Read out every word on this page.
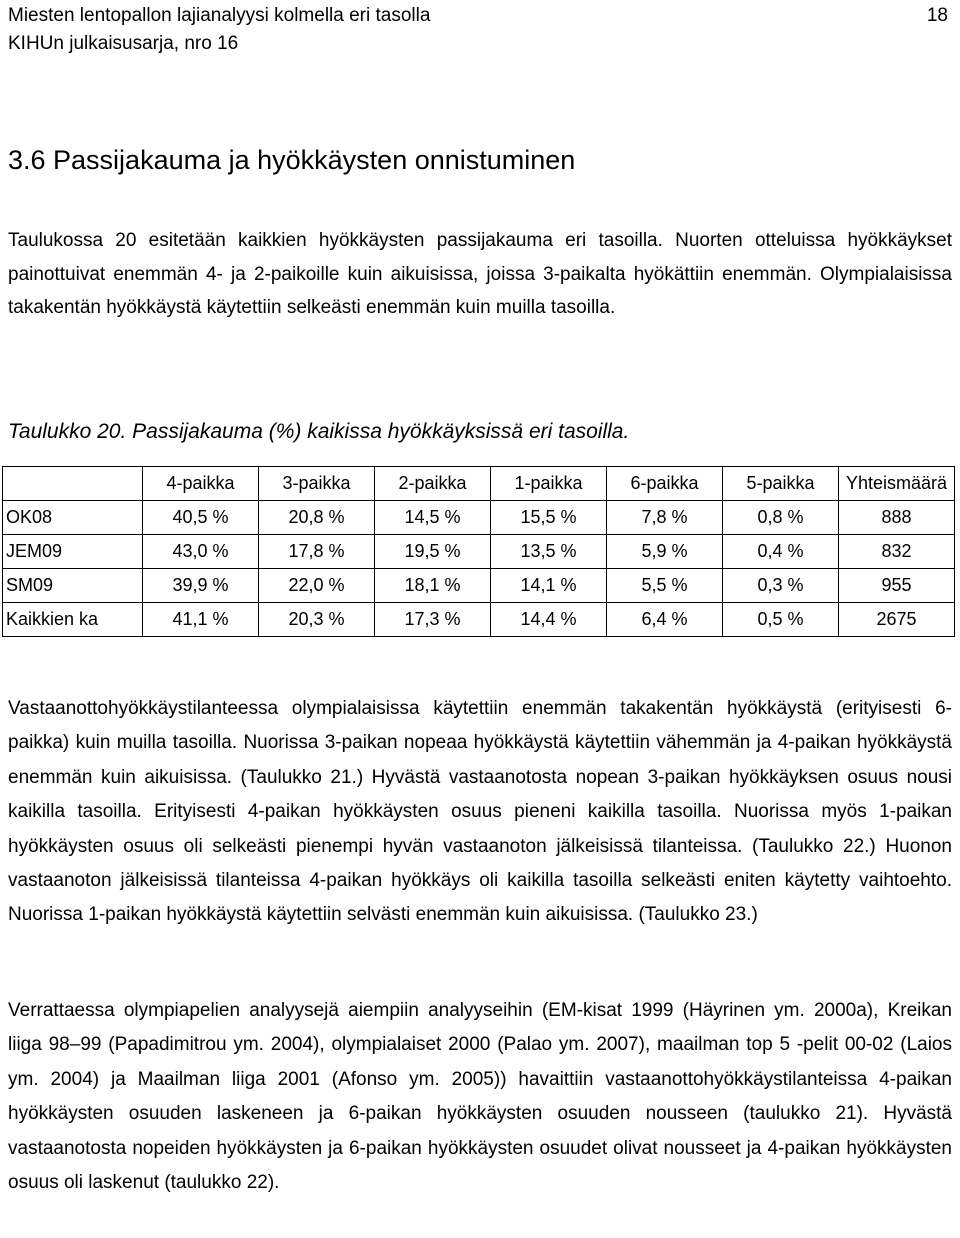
Miesten lentopallon lajianalyysi kolmella eri tasolla
KIHUn julkaisusarja, nro 16
18
3.6 Passijakauma ja hyökkäysten onnistuminen

Taulukossa 20 esitetään kaikkien hyökkäysten passijakauma eri tasoilla. Nuorten otteluissa hyökkäykset painottuivat enemmän 4- ja 2-paikoille kuin aikuisissa, joissa 3-paikalta hyökättiin enemmän. Olympialaisissa takakentän hyökkäystä käytettiin selkeästi enemmän kuin muilla tasoilla.

Taulukko 20. Passijakauma (%) kaikissa hyökkäyksissä eri tasoilla.

	4-paikka	3-paikka	2-paikka	1-paikka	6-paikka	5-paikka	Yhteismäärä
OK08	40,5 %	20,8 %	14,5 %	15,5 %	7,8 %	0,8 %	888
JEM09	43,0 %	17,8 %	19,5 %	13,5 %	5,9 %	0,4 %	832
SM09	39,9 %	22,0 %	18,1 %	14,1 %	5,5 %	0,3 %	955
Kaikkien ka	41,1 %	20,3 %	17,3 %	14,4 %	6,4 %	0,5 %	2675

Vastaanottohyökkäystilanteessa olympialaisissa käytettiin enemmän takakentän hyökkäystä (erityisesti 6-paikka) kuin muilla tasoilla. Nuorissa 3-paikan nopeaa hyökkäystä käytettiin vähemmän ja 4-paikan hyökkäystä enemmän kuin aikuisissa. (Taulukko 21.) Hyvästä vastaanotosta nopean 3-paikan hyökkäyksen osuus nousi kaikilla tasoilla. Erityisesti 4-paikan hyökkäysten osuus pieneni kaikilla tasoilla. Nuorissa myös 1-paikan hyökkäysten osuus oli selkeästi pienempi hyvän vastaanoton jälkeisissä tilanteissa. (Taulukko 22.) Huonon vastaanoton jälkeisissä tilanteissa 4-paikan hyökkäys oli kaikilla tasoilla selkeästi eniten käytetty vaihtoehto. Nuorissa 1-paikan hyökkäystä käytettiin selvästi enemmän kuin aikuisissa. (Taulukko 23.)

Verrattaessa olympiapelien analyysejä aiempiin analyyseihin (EM-kisat 1999 (Häyrinen ym. 2000a), Kreikan liiga 98–99 (Papadimitrou ym. 2004), olympialaiset 2000 (Palao ym. 2007), maailman top 5 -pelit 00-02 (Laios ym. 2004) ja Maailman liiga 2001 (Afonso ym. 2005)) havaittiin vastaanottohyökkäystilanteissa 4-paikan hyökkäysten osuuden laskeneen ja 6-paikan hyökkäysten osuuden nousseen (taulukko 21). Hyvästä vastaanotosta nopeiden hyökkäysten ja 6-paikan hyökkäysten osuudet olivat nousseet ja 4-paikan hyökkäysten osuus oli laskenut (taulukko 22).
